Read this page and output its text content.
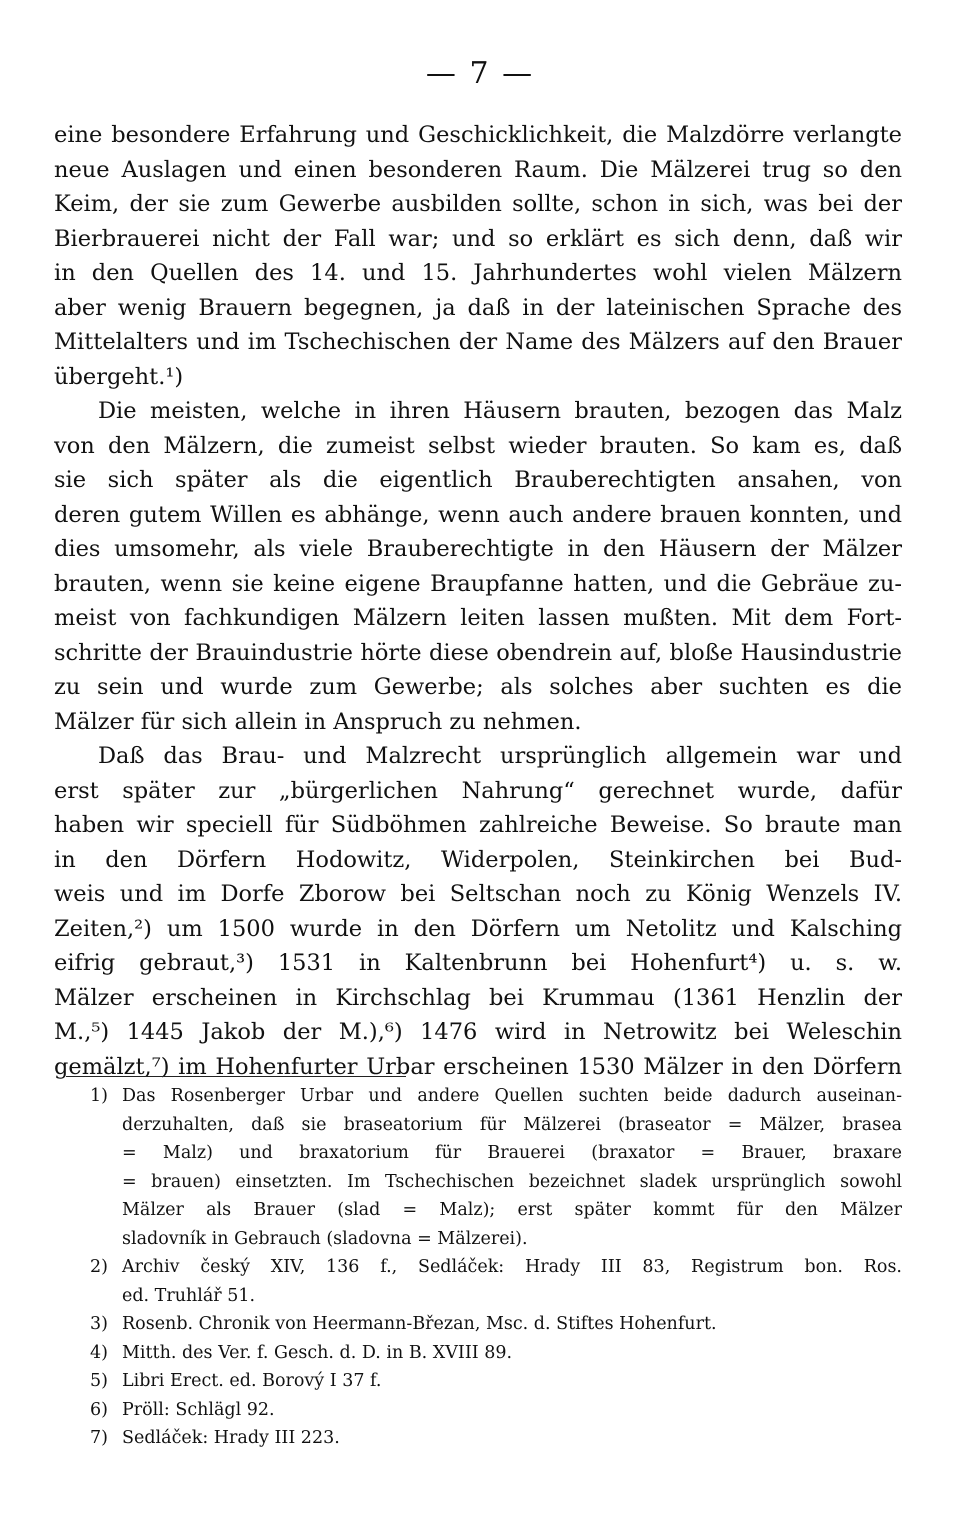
— 7 —
eine besondere Erfahrung und Geschicklichkeit, die Malzdörre verlangte
neue Auslagen und einen besonderen Raum. Die Mälzerei trug so den
Keim, der sie zum Gewerbe ausbilden sollte, schon in sich, was bei der
Bierbrauerei nicht der Fall war; und so erklärt es sich denn, daß wir
in den Quellen des 14. und 15. Jahrhundertes wohl vielen Mälzern
aber wenig Brauern begegnen, ja daß in der lateinischen Sprache des
Mittelalters und im Tschechischen der Name des Mälzers auf den Brauer
übergeht.¹)
Die meisten, welche in ihren Häusern brauten, bezogen das Malz
von den Mälzern, die zumeist selbst wieder brauten. So kam es, daß
sie sich später als die eigentlich Brauberechtigten ansahen, von
deren gutem Willen es abhänge, wenn auch andere brauen konnten, und
dies umsomehr, als viele Brauberechtigte in den Häusern der Mälzer
brauten, wenn sie keine eigene Braupfanne hatten, und die Gebräue zu-
meist von fachkundigen Mälzern leiten lassen mußten. Mit dem Fort-
schritte der Brauindustrie hörte diese obendrein auf, bloße Hausindustrie
zu sein und wurde zum Gewerbe; als solches aber suchten es die
Mälzer für sich allein in Anspruch zu nehmen.
Daß das Brau- und Malzrecht ursprünglich allgemein war und
erst später zur „bürgerlichen Nahrung“ gerechnet wurde, dafür
haben wir speciell für Südböhmen zahlreiche Beweise. So braute man
in den Dörfern Hodowitz, Widerpolen, Steinkirchen bei Bud-
weis und im Dorfe Zborow bei Seltschan noch zu König Wenzels IV.
Zeiten,²) um 1500 wurde in den Dörfern um Netolitz und Kalsching
eifrig gebraut,³) 1531 in Kaltenbrunn bei Hohenfurt⁴) u. s. w.
Mälzer erscheinen in Kirchschlag bei Krummau (1361 Henzlin der
M.,⁵) 1445 Jakob der M.),⁶) 1476 wird in Netrowitz bei Weleschin
gemälzt,⁷) im Hohenfurter Urbar erscheinen 1530 Mälzer in den Dörfern
1) Das Rosenberger Urbar und andere Quellen suchten beide dadurch auseinan-
derzuhalten, daß sie braseatorium für Mälzerei (braseator = Mälzer, brasea
= Malz) und braxatorium für Brauerei (braxator = Brauer, braxare
= brauen) einsetzten. Im Tschechischen bezeichnet sladek ursprünglich sowohl
Mälzer als Brauer (slad = Malz); erst später kommt für den Mälzer
sladovník in Gebrauch (sladovna = Mälzerei).
2) Archiv český XIV, 136 f., Sedláček: Hrady III 83, Registrum bon. Ros.
ed. Truhlář 51.
3) Rosenb. Chronik von Heermann-Březan, Msc. d. Stiftes Hohenfurt.
4) Mitth. des Ver. f. Gesch. d. D. in B. XVIII 89.
5) Libri Erect. ed. Borový I 37 f.
6) Pröll: Schlägl 92.
7) Sedláček: Hrady III 223.
